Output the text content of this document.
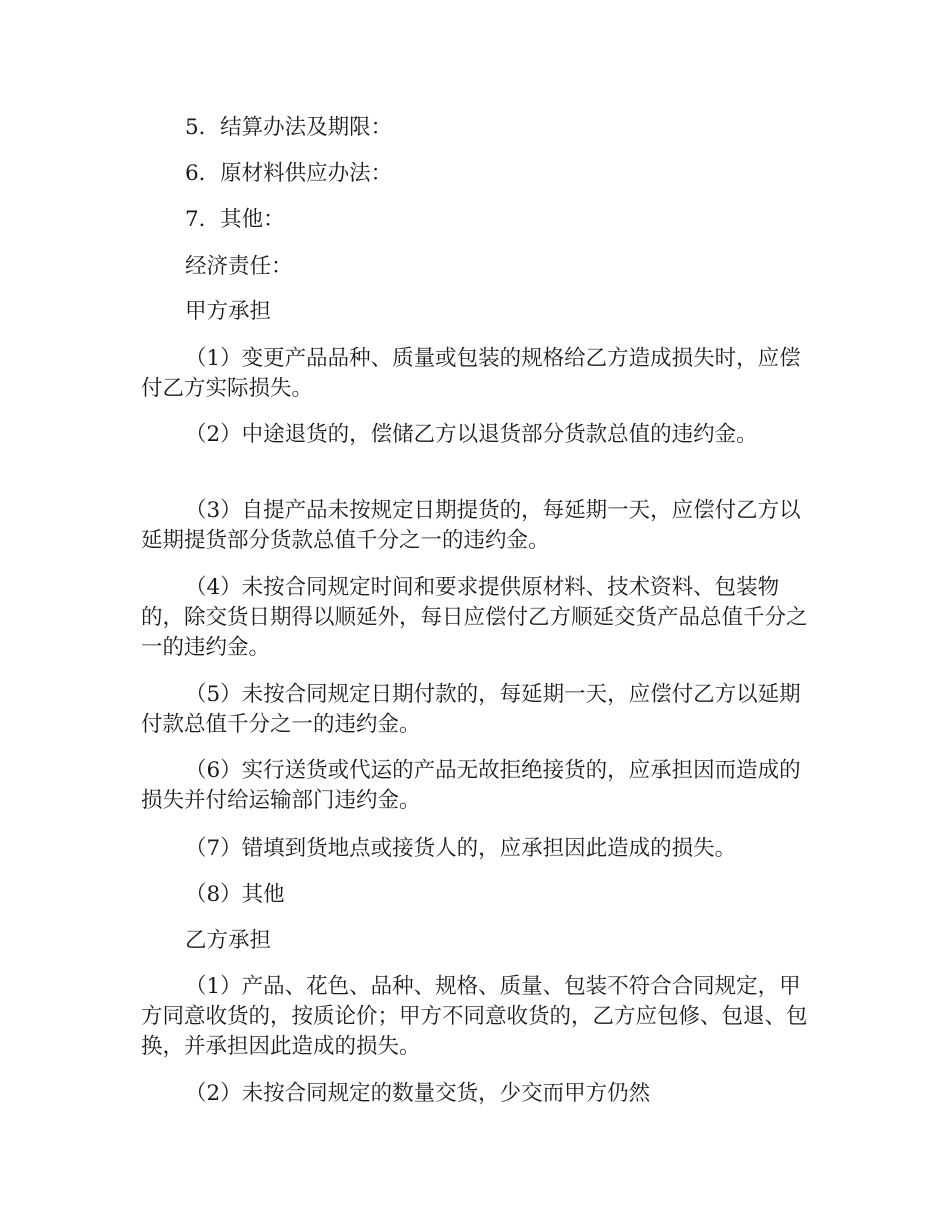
5．结算办法及期限：

6．原材料供应办法：

7．其他：

经济责任：

甲方承担

（1）变更产品品种、质量或包装的规格给乙方造成损失时，应偿付乙方实际损失。

（2）中途退货的，偿储乙方以退货部分货款总值的违约金。

（3）自提产品未按规定日期提货的，每延期一天，应偿付乙方以延期提货部分货款总值千分之一的违约金。

（4）未按合同规定时间和要求提供原材料、技术资料、包装物的，除交货日期得以顺延外，每日应偿付乙方顺延交货产品总值千分之一的违约金。

（5）未按合同规定日期付款的，每延期一天，应偿付乙方以延期付款总值千分之一的违约金。

（6）实行送货或代运的产品无故拒绝接货的，应承担因而造成的损失并付给运输部门违约金。

（7）错填到货地点或接货人的，应承担因此造成的损失。

（8）其他

乙方承担

（1）产品、花色、品种、规格、质量、包装不符合合同规定，甲方同意收货的，按质论价；甲方不同意收货的，乙方应包修、包退、包换，并承担因此造成的损失。

（2）未按合同规定的数量交货，少交而甲方仍然
